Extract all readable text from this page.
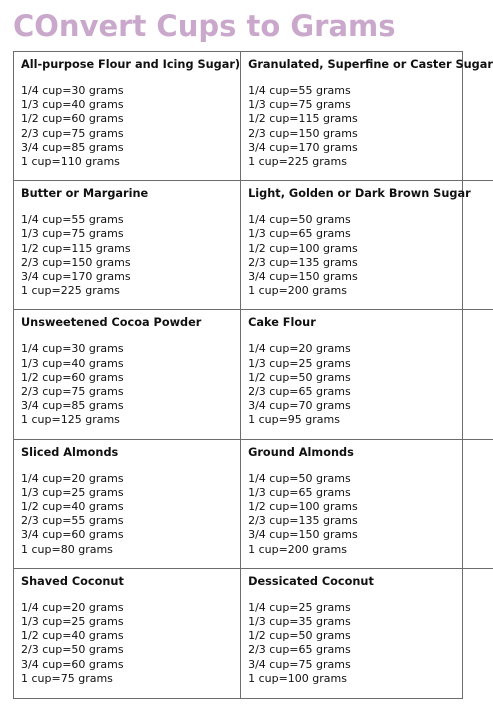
COnvert Cups to Grams
All-purpose Flour and Icing Sugar)
1/4 cup=30 grams
1/3 cup=40 grams
1/2 cup=60 grams
2/3 cup=75 grams
3/4 cup=85 grams
1 cup=110 grams
Granulated, Superfine or Caster Sugar
1/4 cup=55 grams
1/3 cup=75 grams
1/2 cup=115 grams
2/3 cup=150 grams
3/4 cup=170 grams
1 cup=225 grams
Butter or Margarine
1/4 cup=55 grams
1/3 cup=75 grams
1/2 cup=115 grams
2/3 cup=150 grams
3/4 cup=170 grams
1 cup=225 grams
Light, Golden or Dark Brown Sugar
1/4 cup=50 grams
1/3 cup=65 grams
1/2 cup=100 grams
2/3 cup=135 grams
3/4 cup=150 grams
1 cup=200 grams
Unsweetened Cocoa Powder
1/4 cup=30 grams
1/3 cup=40 grams
1/2 cup=60 grams
2/3 cup=75 grams
3/4 cup=85 grams
1 cup=125 grams
Cake Flour
1/4 cup=20 grams
1/3 cup=25 grams
1/2 cup=50 grams
2/3 cup=65 grams
3/4 cup=70 grams
1 cup=95 grams
Sliced Almonds
1/4 cup=20 grams
1/3 cup=25 grams
1/2 cup=40 grams
2/3 cup=55 grams
3/4 cup=60 grams
1 cup=80 grams
Ground Almonds
1/4 cup=50 grams
1/3 cup=65 grams
1/2 cup=100 grams
2/3 cup=135 grams
3/4 cup=150 grams
1 cup=200 grams
Shaved Coconut
1/4 cup=20 grams
1/3 cup=25 grams
1/2 cup=40 grams
2/3 cup=50 grams
3/4 cup=60 grams
1 cup=75 grams
Dessicated Coconut
1/4 cup=25 grams
1/3 cup=35 grams
1/2 cup=50 grams
2/3 cup=65 grams
3/4 cup=75 grams
1 cup=100 grams
